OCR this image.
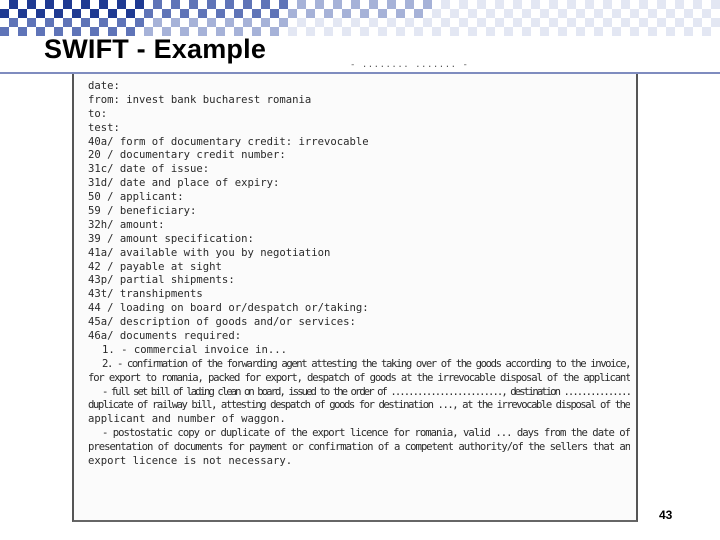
SWIFT - Example
- ........ ....... -
date:
from: invest bank bucharest romania
to:
test:
40a/ form of documentary credit: irrevocable
20 / documentary credit number:
31c/ date of issue:
31d/ date and place of expiry:
50 / applicant:
59 / beneficiary:
32h/ amount:
39 / amount specification:
41a/ available with you by negotiation
42 / payable at sight
43p/ partial shipments:
43t/ transhipments
44 / loading on board or/despatch or/taking:
45a/ description of goods and/or services:
46a/ documents required:
1. - commercial invoice in...
2. - confirmation of the forwarding agent attesting the taking over of the goods according to the invoice,
for export to romania, packed for export, despatch of goods at the irrevocable disposal of the applicant
- full set bill of lading clean on board, issued to the order of ........................., destination ...............
duplicate of railway bill, attesting despatch of goods for destination ..., at the irrevocable disposal of the
applicant and number of waggon.
- postostatic copy or duplicate of the export licence for romania, valid ... days from the date of
presentation of documents for payment or confirmation of a competent authority/of the sellers that an
export licence is not necessary.
43
